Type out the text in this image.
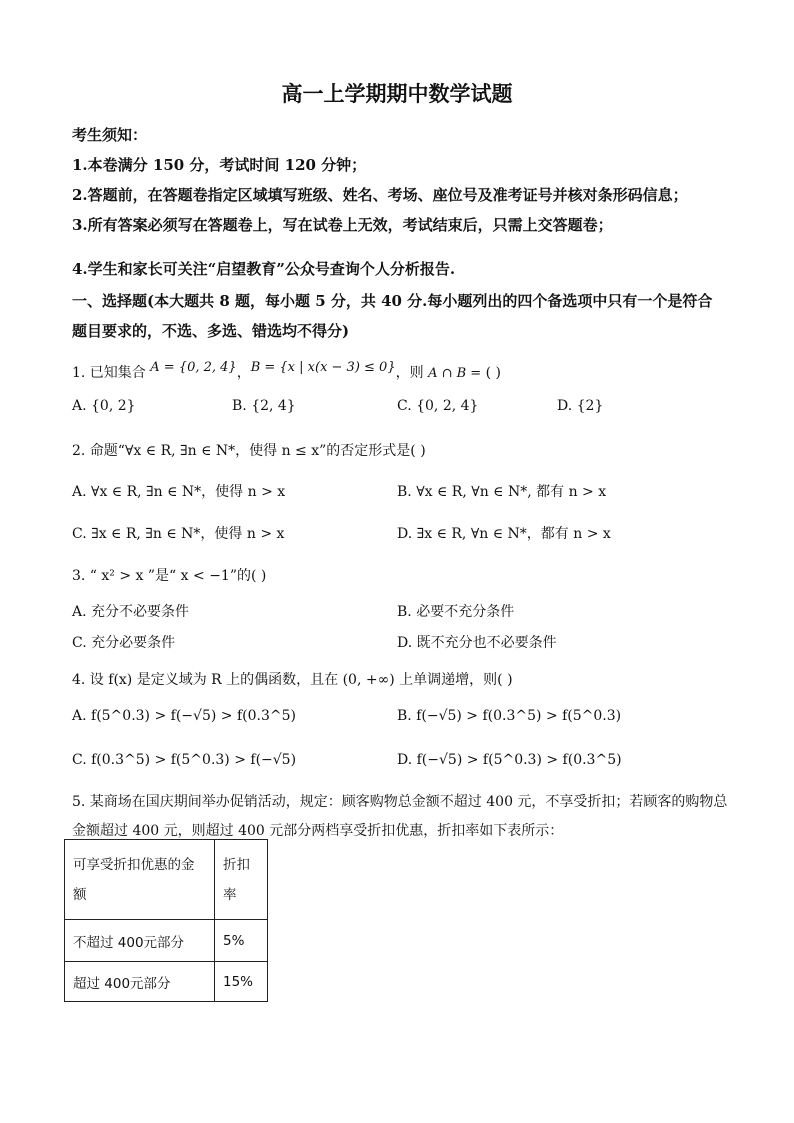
高一上学期期中数学试题
考生须知：
1.本卷满分 150 分，考试时间 120 分钟；
2.答题前，在答题卷指定区域填写班级、姓名、考场、座位号及准考证号并核对条形码信息；
3.所有答案必须写在答题卷上，写在试卷上无效，考试结束后，只需上交答题卷；
4.学生和家长可关注“启望教育”公众号查询个人分析报告.
一、选择题(本大题共 8 题，每小题 5 分，共 40 分.每小题列出的四个备选项中只有一个是符合
题目要求的，不选、多选、错选均不得分)
1. 已知集合 A = {0, 2, 4}，B = {x | x(x − 3) ≤ 0}，则 A ∩ B = ( )
A. {0, 2}	B. {2, 4}	C. {0, 2, 4}	D. {2}
2. 命题“∀x ∈ R, ∃n ∈ N*，使得 n ≤ x”的否定形式是( )
A. ∀x ∈ R, ∃n ∈ N*，使得 n > x	B. ∀x ∈ R, ∀n ∈ N*, 都有 n > x
C. ∃x ∈ R, ∃n ∈ N*，使得 n > x	D. ∃x ∈ R, ∀n ∈ N*，都有 n > x
3. “ x² > x ”是“ x < −1”的( )
A. 充分不必要条件	B. 必要不充分条件
C. 充分必要条件	D. 既不充分也不必要条件
4. 设 f(x) 是定义域为 R 上的偶函数，且在 (0, +∞) 上单调递增，则( )
A. f(5^0.3) > f(−√5) > f(0.3^5)	B. f(−√5) > f(0.3^5) > f(5^0.3)
C. f(0.3^5) > f(5^0.3) > f(−√5)	D. f(−√5) > f(5^0.3) > f(0.3^5)
5. 某商场在国庆期间举办促销活动，规定：顾客购物总金额不超过 400 元，不享受折扣；若顾客的购物总
金额超过 400 元，则超过 400 元部分两档享受折扣优惠，折扣率如下表所示：
可享受折扣优惠的金额	折扣率
不超过 400元部分	5%
超过 400元部分	15%
